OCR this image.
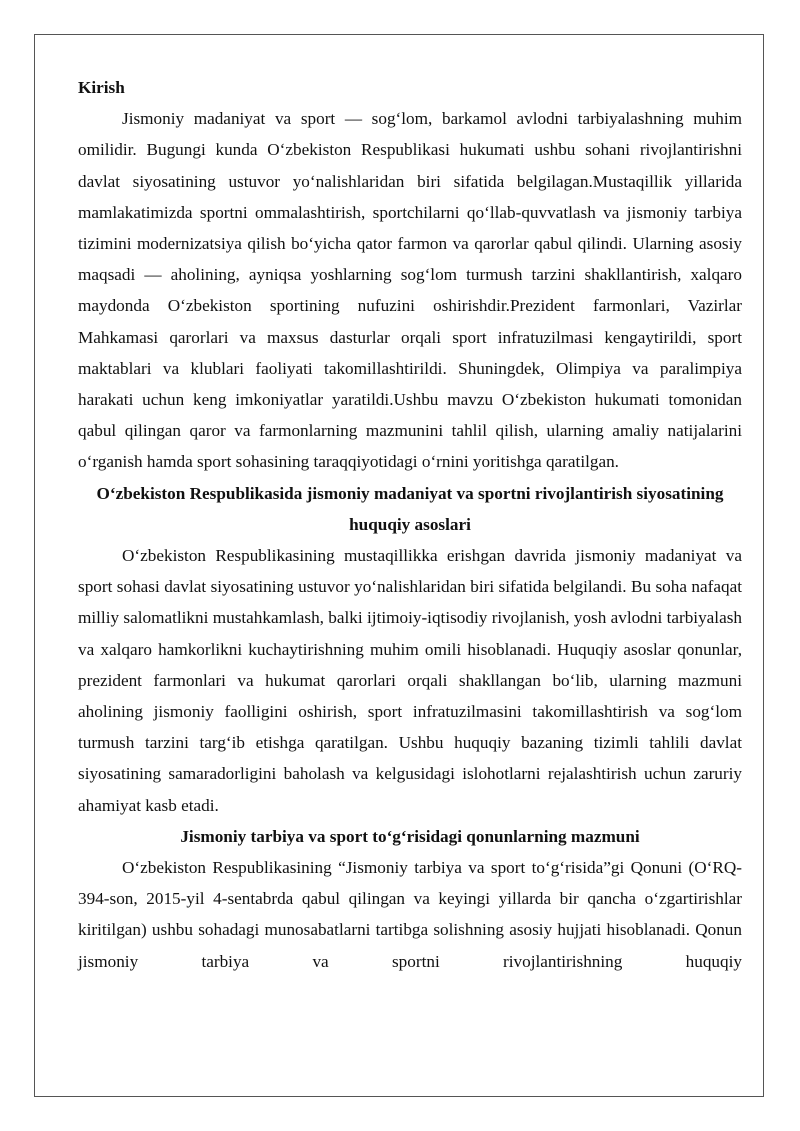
Kirish

Jismoniy madaniyat va sport — sog‘lom, barkamol avlodni tarbiyalashning muhim omilidir. Bugungi kunda O‘zbekiston Respublikasi hukumati ushbu sohani rivojlantirishni davlat siyosatining ustuvor yo‘nalishlaridan biri sifatida belgilagan.Mustaqillik yillarida mamlakatimizda sportni ommalashtirish, sportchilarni qo‘llab-quvvatlash va jismoniy tarbiya tizimini modernizatsiya qilish bo‘yicha qator farmon va qarorlar qabul qilindi. Ularning asosiy maqsadi — aholining, ayniqsa yoshlarning sog‘lom turmush tarzini shakllantirish, xalqaro maydonda O‘zbekiston sportining nufuzini oshirishdir.Prezident farmonlari, Vazirlar Mahkamasi qarorlari va maxsus dasturlar orqali sport infratuzilmasi kengaytirildi, sport maktablari va klublari faoliyati takomillashtirildi. Shuningdek, Olimpiya va paralimpiya harakati uchun keng imkoniyatlar yaratildi.Ushbu mavzu O‘zbekiston hukumati tomonidan qabul qilingan qaror va farmonlarning mazmunini tahlil qilish, ularning amaliy natijalarini o‘rganish hamda sport sohasining taraqqiyotidagi o‘rnini yoritishga qaratilgan.

O‘zbekiston Respublikasida jismoniy madaniyat va sportni rivojlantirish siyosatining huquqiy asoslari

O‘zbekiston Respublikasining mustaqillikka erishgan davrida jismoniy madaniyat va sport sohasi davlat siyosatining ustuvor yo‘nalishlaridan biri sifatida belgilandi. Bu soha nafaqat milliy salomatlikni mustahkamlash, balki ijtimoiy-iqtisodiy rivojlanish, yosh avlodni tarbiyalash va xalqaro hamkorlikni kuchaytirishning muhim omili hisoblanadi. Huquqiy asoslar qonunlar, prezident farmonlari va hukumat qarorlari orqali shakllangan bo‘lib, ularning mazmuni aholining jismoniy faolligini oshirish, sport infratuzilmasini takomillashtirish va sog‘lom turmush tarzini targ‘ib etishga qaratilgan. Ushbu huquqiy bazaning tizimli tahlili davlat siyosatining samaradorligini baholash va kelgusidagi islohotlarni rejalashtirish uchun zaruriy ahamiyat kasb etadi.

Jismoniy tarbiya va sport to‘g‘risidagi qonunlarning mazmuni

O‘zbekiston Respublikasining “Jismoniy tarbiya va sport to‘g‘risida”gi Qonuni (O‘RQ-394-son, 2015-yil 4-sentabrda qabul qilingan va keyingi yillarda bir qancha o‘zgartirishlar kiritilgan) ushbu sohadagi munosabatlarni tartibga solishning asosiy hujjati hisoblanadi. Qonun jismoniy tarbiya va sportni rivojlantirishning huquqiy
